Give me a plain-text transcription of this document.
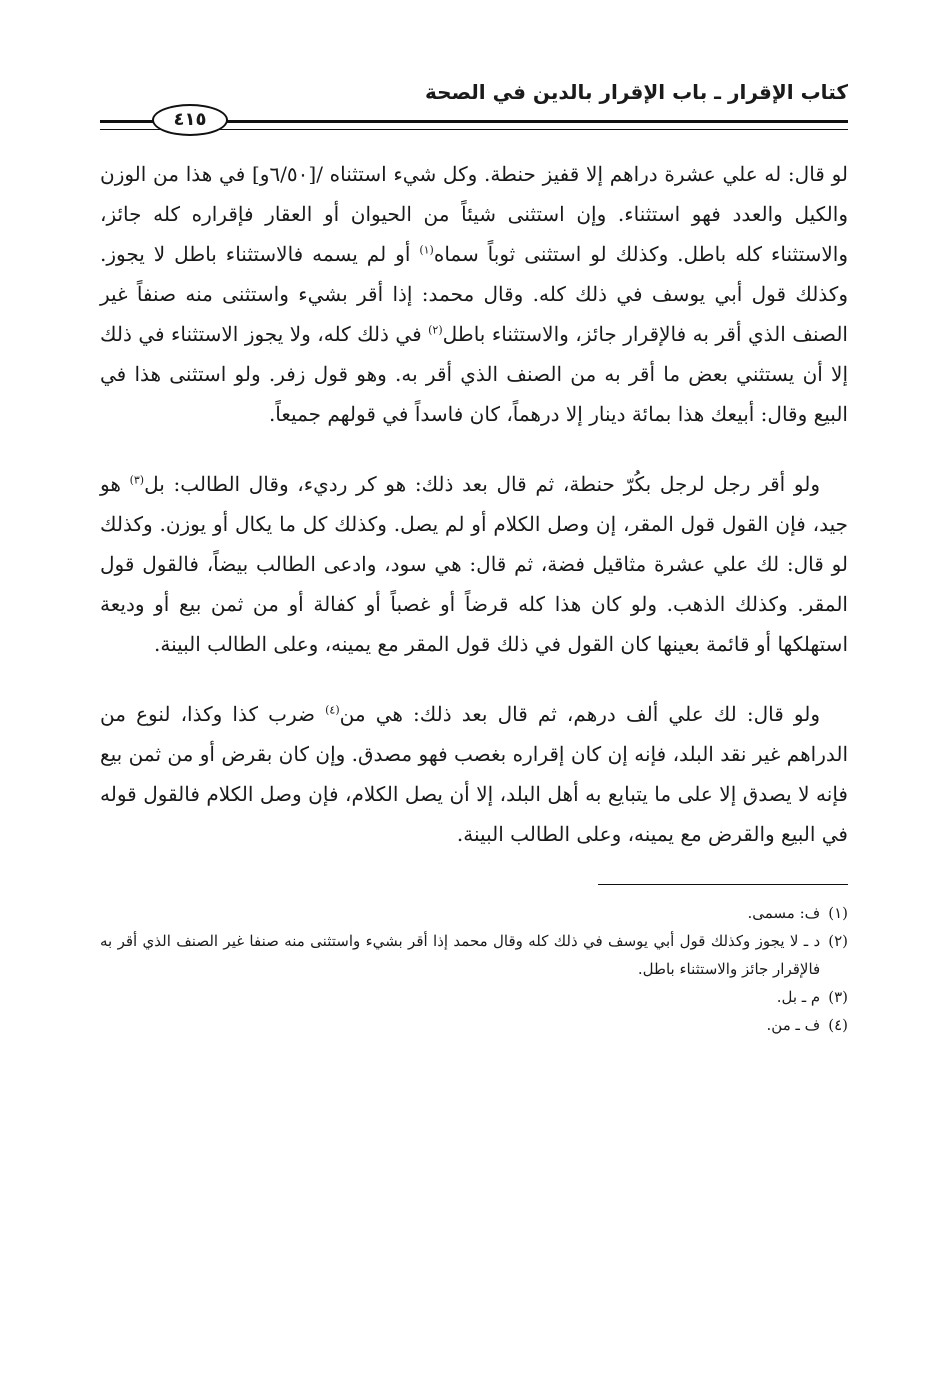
كتاب الإقرار ـ باب الإقرار بالدين في الصحة
٤١٥

لو قال: له علي عشرة دراهم إلا قفيز حنطة. وكل شيء استثناه /[٦/٥٠و] في هذا من الوزن والكيل والعدد فهو استثناء. وإن استثنى شيئاً من الحيوان أو العقار فإقراره كله جائز، والاستثناء كله باطل. وكذلك لو استثنى ثوباً سماه$^{(١)}$ أو لم يسمه فالاستثناء باطل لا يجوز. وكذلك قول أبي يوسف في ذلك كله. وقال محمد: إذا أقر بشيء واستثنى منه صنفاً غير الصنف الذي أقر به فالإقرار جائز، والاستثناء باطل$^{(٢)}$ في ذلك كله، ولا يجوز الاستثناء في ذلك إلا أن يستثني بعض ما أقر به من الصنف الذي أقر به. وهو قول زفر. ولو استثنى هذا في البيع وقال: أبيعك هذا بمائة دينار إلا درهماً، كان فاسداً في قولهم جميعاً.

ولو أقر رجل لرجل بكُرّ حنطة، ثم قال بعد ذلك: هو كر رديء، وقال الطالب: بل$^{(٣)}$ هو جيد، فإن القول قول المقر، إن وصل الكلام أو لم يصل. وكذلك كل ما يكال أو يوزن. وكذلك لو قال: لك علي عشرة مثاقيل فضة، ثم قال: هي سود، وادعى الطالب بيضاً، فالقول قول المقر. وكذلك الذهب. ولو كان هذا كله قرضاً أو غصباً أو كفالة أو من ثمن بيع أو وديعة استهلكها أو قائمة بعينها كان القول في ذلك قول المقر مع يمينه، وعلى الطالب البينة.

ولو قال: لك علي ألف درهم، ثم قال بعد ذلك: هي من$^{(٤)}$ ضرب كذا وكذا، لنوع من الدراهم غير نقد البلد، فإنه إن كان إقراره بغصب فهو مصدق. وإن كان بقرض أو من ثمن بيع فإنه لا يصدق إلا على ما يتبايع به أهل البلد، إلا أن يصل الكلام، فإن وصل الكلام فالقول قوله في البيع والقرض مع يمينه، وعلى الطالب البينة.

(١)
ف: مسمى.
(٢)
د ـ لا يجوز وكذلك قول أبي يوسف في ذلك كله وقال محمد إذا أقر بشيء واستثنى منه صنفا غير الصنف الذي أقر به فالإقرار جائز والاستثناء باطل.
(٣)
م ـ بل.
(٤)
ف ـ من.
